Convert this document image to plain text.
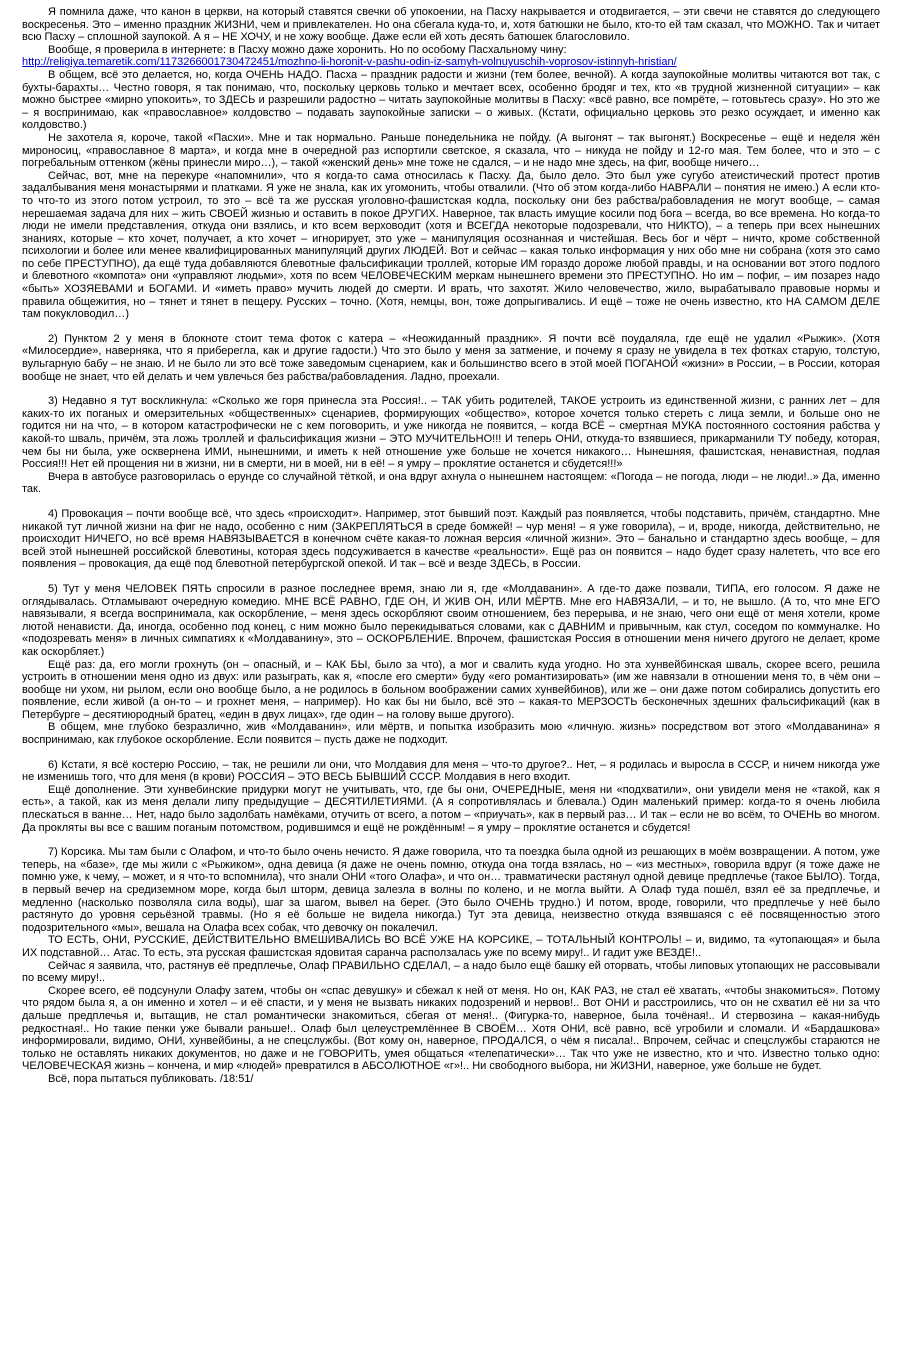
Я помнила даже, что канон в церкви, на который ставятся свечки об упокоении, на Пасху накрывается и отодвигается, – эти свечи не ставятся до следующего воскресенья. Это – именно праздник ЖИЗНИ, чем и привлекателен. Но она сбегала куда-то, и, хотя батюшки не было, кто-то ей там сказал, что МОЖНО. Так и читает всю Пасху – сплошной заупокой. А я – НЕ ХОЧУ, и не хожу вообще. Даже если ей хоть десять батюшек благословило.

Вообще, я проверила в интернете: в Пасху можно даже хоронить. Но по особому Пасхальному чину:

http://religiya.temaretik.com/1173266001730472451/mozhno-li-horonit-v-pashu-odin-iz-samyh-volnuyuschih-voprosov-istinnyh-hristian/

В общем, всё это делается, но, когда ОЧЕНЬ НАДО. Пасха – праздник радости и жизни (тем более, вечной). А когда заупокойные молитвы читаются вот так, с бухты-барахты… Честно говоря, я так понимаю, что, поскольку церковь только и мечтает всех, особенно бродяг и тех, кто «в трудной жизненной ситуации» – как можно быстрее «мирно упокоить», то ЗДЕСЬ и разрешили радостно – читать заупокойные молитвы в Пасху: «всё равно, все помрёте, – готовьтесь сразу». Но это же – я воспринимаю, как «православное» колдовство – подавать заупокойные записки – о живых. (Кстати, официально церковь это резко осуждает, и именно как колдовство.)

Не захотела я, короче, такой «Пасхи». Мне и так нормально. Раньше понедельника не пойду. (А выгонят – так выгонят.) Воскресенье – ещё и неделя жён мироносиц, «православное 8 марта», и когда мне в очередной раз испортили светское, я сказала, что – никуда не пойду и 12-го мая. Тем более, что и это – с погребальным оттенком (жёны принесли миро…), – такой «женский день» мне тоже не сдался, – и не надо мне здесь, на фиг, вообще ничего…

Сейчас, вот, мне на перекуре «напомнили», что я когда-то сама относилась к Пасху. Да, было дело. Это был уже сугубо атеистический протест против задалбывания меня монастырями и платками. Я уже не знала, как их угомонить, чтобы отвалили. (Что об этом когда-либо НАВРАЛИ – понятия не имею.) А если кто-то что-то из этого потом устроил, то это – всё та же русская уголовно-фашистская кодла, поскольку они без рабства/рабовладения не могут вообще, – самая нерешаемая задача для них – жить СВОЕЙ жизнью и оставить в покое ДРУГИХ. Наверное, так власть имущие косили под бога – всегда, во все времена. Но когда-то люди не имели представления, откуда они взялись, и кто всем верховодит (хотя и ВСЕГДА некоторые подозревали, что НИКТО), – а теперь при всех нынешних знаниях, которые – кто хочет, получает, а кто хочет – игнорирует, это уже – манипуляция осознанная и чистейшая. Весь бог и чёрт – ничто, кроме собственной психологии и более или менее квалифицированных манипуляций других ЛЮДЕЙ. Вот и сейчас – какая только информация у них обо мне ни собрана (хотя это само по себе ПРЕСТУПНО), да ещё туда добавляются блевотные фальсификации троллей, которые ИМ гораздо дороже любой правды, и на основании вот этого подлого и блевотного «компота» они «управляют людьми», хотя по всем ЧЕЛОВЕЧЕСКИМ меркам нынешнего времени это ПРЕСТУПНО. Но им – пофиг, – им позарез надо «быть» ХОЗЯЕВАМИ и БОГАМИ. И «иметь право» мучить людей до смерти. И врать, что захотят. Жило человечество, жило, вырабатывало правовые нормы и правила общежития, но – тянет и тянет в пещеру. Русских – точно. (Хотя, немцы, вон, тоже допрыгивались. И ещё – тоже не очень известно, кто НА САМОМ ДЕЛЕ там покукловодил…)

2) Пунктом 2 у меня в блокноте стоит тема фоток с катера – «Неожиданный праздник». Я почти всё поудаляла, где ещё не удалил «Рыжик». (Хотя «Милосердие», наверняка, что я приберегла, как и другие гадости.) Что это было у меня за затмение, и почему я сразу не увидела в тех фотках старую, толстую, вульгарную бабу – не знаю. И не было ли это всё тоже заведомым сценарием, как и большинство всего в этой моей ПОГАНОЙ «жизни» в России, – в России, которая вообще не знает, что ей делать и чем увлечься без рабства/рабовладения. Ладно, проехали.

3) Недавно я тут воскликнула: «Сколько же горя принесла эта Россия!.. – ТАК убить родителей, ТАКОЕ устроить из единственной жизни, с ранних лет – для каких-то их поганых и омерзительных «общественных» сценариев, формирующих «общество», которое хочется только стереть с лица земли, и больше оно не годится ни на что, – в котором катастрофически не с кем поговорить, и уже никогда не появится, – когда ВСЁ – смертная МУКА постоянного состояния рабства у какой-то шваль, причём, эта ложь троллей и фальсификация жизни – ЭТО МУЧИТЕЛЬНО!!! И теперь ОНИ, откуда-то взявшиеся, прикарманили ТУ победу, которая, чем бы ни была, уже осквернена ИМИ, нынешними, и иметь к ней отношение уже больше не хочется никакого… Нынешняя, фашистская, ненавистная, подлая Россия!!! Нет ей прощения ни в жизни, ни в смерти, ни в моей, ни в её! – я умру – проклятие останется и сбудется!!!»

Вчера в автобусе разговорилась о ерунде со случайной тёткой, и она вдруг ахнула о нынешнем настоящем: «Погода – не погода, люди – не люди!..» Да, именно так.

4) Провокация – почти вообще всё, что здесь «происходит». Например, этот бывший поэт. Каждый раз появляется, чтобы подставить, причём, стандартно. Мне никакой тут личной жизни на фиг не надо, особенно с ним (ЗАКРЕПЛЯТЬСЯ в среде бомжей! – чур меня! – я уже говорила), – и, вроде, никогда, действительно, не происходит НИЧЕГО, но всё время НАВЯЗЫВАЕТСЯ в конечном счёте какая-то ложная версия «личной жизни». Это – банально и стандартно здесь вообще, – для всей этой нынешней российской блевотины, которая здесь подсуживается в качестве «реальности». Ещё раз он появится – надо будет сразу налететь, что все его появления – провокация, да ещё под блевотной петербургской опекой. И так – всё и везде ЗДЕСЬ, в России.

5) Тут у меня ЧЕЛОВЕК ПЯТЬ спросили в разное последнее время, знаю ли я, где «Молдаванин». А где-то даже позвали, ТИПА, его голосом. Я даже не оглядывалась. Отламывают очередную комедию. МНЕ ВСЁ РАВНО, ГДЕ ОН, И ЖИВ ОН, ИЛИ МЁРТВ. Мне его НАВЯЗАЛИ, – и то, не вышло. (А то, что мне ЕГО навязывали, я всегда воспринимала, как оскорбление, – меня здесь оскорбляют своим отношением, без перерыва, и не знаю, чего они ещё от меня хотели, кроме лютой ненависти. Да, иногда, особенно под конец, с ним можно было перекидываться словами, как с ДАВНИМ и привычным, как стул, соседом по коммуналке. Но «подозревать меня» в личных симпатиях к «Молдаванину», это – ОСКОРБЛЕНИЕ. Впрочем, фашистская Россия в отношении меня ничего другого не делает, кроме как оскорбляет.)

Ещё раз: да, его могли грохнуть (он – опасный, и – КАК БЫ, было за что), а мог и свалить куда угодно. Но эта хунвейбинская шваль, скорее всего, решила устроить в отношении меня одно из двух: или разыграть, как я, «после его смерти» буду «его романтизировать» (им же навязали в отношении меня то, в чём они – вообще ни ухом, ни рылом, если оно вообще было, а не родилось в больном воображении самих хунвейбинов), или же – они даже потом собирались допустить его появление, если живой (а он-то – и грохнет меня, – например). Но как бы ни было, всё это – какая-то МЕРЗОСТЬ бесконечных здешних фальсификаций (как в Петербурге – десятиюродный братец, «един в двух лицах», где один – на голову выше другого).

В общем, мне глубоко безразлично, жив «Молдаванин», или мёртв, и попытка изобразить мою «личную. жизнь» посредством вот этого «Молдаванина» я воспринимаю, как глубокое оскорбление. Если появится – пусть даже не подходит.

6) Кстати, я всё костерю Россию, – так, не решили ли они, что Молдавия для меня – что-то другое?.. Нет, – я родилась и выросла в СССР, и ничем никогда уже не изменишь того, что для меня (в крови) РОССИЯ – ЭТО ВЕСЬ БЫВШИЙ СССР. Молдавия в него входит.

Ещё дополнение. Эти хунвебинские придурки могут не учитывать, что, где бы они, ОЧЕРЕДНЫЕ, меня ни «подхватили», они увидели меня не «такой, как я есть», а такой, как из меня делали липу предыдущие – ДЕСЯТИЛЕТИЯМИ. (А я сопротивлялась и блевала.) Один маленький пример: когда-то я очень любила плескаться в ванне… Нет, надо было задолбать намёками, отучить от всего, а потом – «приучать», как в первый раз… И так – если не во всём, то ОЧЕНЬ во многом. Да прокляты вы все с вашим поганым потомством, родившимся и ещё не рождённым! – я умру – проклятие останется и сбудется!

7) Корсика. Мы там были с Олафом, и что-то было очень нечисто. Я даже говорила, что та поездка была одной из решающих в моём возвращении. А потом, уже теперь, на «базе», где мы жили с «Рыжиком», одна девица (я даже не очень помню, откуда она тогда взялась, но – «из местных», говорила вдруг (я тоже даже не помню уже, к чему, – может, и я что-то вспомнила), что знали ОНИ «того Олафа», и что он… травматически растянул одной девице предплечье (такое БЫЛО). Тогда, в первый вечер на средиземном море, когда был шторм, девица залезла в волны по колено, и не могла выйти. А Олаф туда пошёл, взял её за предплечье, и медленно (насколько позволяла сила воды), шаг за шагом, вывел на берег. (Это было ОЧЕНЬ трудно.) И потом, вроде, говорили, что предплечье у неё было растянуто до уровня серьёзной травмы. (Но я её больше не видела никогда.) Тут эта девица, неизвестно откуда взявшаяся с её посвященностью этого подозрительного «мы», вешала на Олафа всех собак, что девочку он покалечил.

ТО ЕСТЬ, ОНИ, РУССКИЕ, ДЕЙСТВИТЕЛЬНО ВМЕШИВАЛИСЬ ВО ВСЁ УЖЕ НА КОРСИКЕ, – ТОТАЛЬНЫЙ КОНТРОЛЬ! – и, видимо, та «утопающая» и была ИХ подставной… Атас. То есть, эта русская фашистская ядовитая саранча расползалась уже по всему миру!.. И гадит уже ВЕЗДЕ!..

Сейчас я заявила, что, растянув её предплечье, Олаф ПРАВИЛЬНО СДЕЛАЛ, – а надо было ещё башку ей оторвать, чтобы липовых утопающих не рассовывали по всему миру!..

Скорее всего, её подсунули Олафу затем, чтобы он «спас девушку» и сбежал к ней от меня. Но он, КАК РАЗ, не стал её хватать, «чтобы знакомиться». Потому что рядом была я, а он именно и хотел – и её спасти, и у меня не вызвать никаких подозрений и нервов!.. Вот ОНИ и расстроились, что он не схватил её ни за что дальше предплечья и, вытащив, не стал романтически знакомиться, сбегая от меня!.. (Фигурка-то, наверное, была точёная!.. И стервозина – какая-нибудь редкостная!.. Но такие пенки уже бывали раньше!.. Олаф был целеустремлённее В СВОЁМ… Хотя ОНИ, всё равно, всё угробили и сломали. И «Бардашкова» информировали, видимо, ОНИ, хунвейбины, а не спецслужбы. (Вот кому он, наверное, ПРОДАЛСЯ, о чём я писала!.. Впрочем, сейчас и спецслужбы стараются не только не оставлять никаких документов, но даже и не ГОВОРИТЬ, умея общаться «телепатически»… Так что уже не известно, кто и что. Известно только одно: ЧЕЛОВЕЧЕСКАЯ жизнь – кончена, и мир «людей» превратился в АБСОЛЮТНОЕ «г»!.. Ни свободного выбора, ни ЖИЗНИ, наверное, уже больше не будет.

Всё, пора пытаться публиковать. /18:51/
